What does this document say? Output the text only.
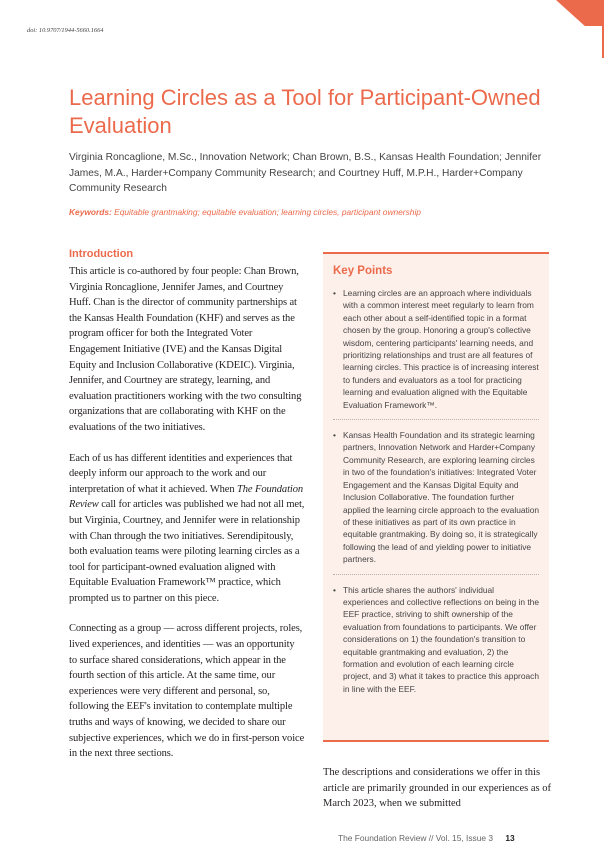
doi: 10.9707/1944-5660.1664
Learning Circles as a Tool for Participant-Owned Evaluation

Virginia Roncaglione, M.Sc., Innovation Network; Chan Brown, B.S., Kansas Health Foundation; Jennifer James, M.A., Harder+Company Community Research; and Courtney Huff, M.P.H., Harder+Company Community Research

Keywords: Equitable grantmaking; equitable evaluation; learning circles, participant ownership
Introduction

This article is co-authored by four people: Chan Brown, Virginia Roncaglione, Jennifer James, and Courtney Huff. Chan is the director of community partnerships at the Kansas Health Foundation (KHF) and serves as the program officer for both the Integrated Voter Engagement Initiative (IVE) and the Kansas Digital Equity and Inclusion Collaborative (KDEIC). Virginia, Jennifer, and Courtney are strategy, learning, and evaluation practitioners working with the two consulting organizations that are collaborating with KHF on the evaluations of the two initiatives.

Each of us has different identities and experiences that deeply inform our approach to the work and our interpretation of what it achieved. When The Foundation Review call for articles was published we had not all met, but Virginia, Courtney, and Jennifer were in relationship with Chan through the two initiatives. Serendipitously, both evaluation teams were piloting learning circles as a tool for participant-owned evaluation aligned with Equitable Evaluation Framework™ practice, which prompted us to partner on this piece.

Connecting as a group — across different projects, roles, lived experiences, and identities — was an opportunity to surface shared considerations, which appear in the fourth section of this article. At the same time, our experiences were very different and personal, so, following the EEF's invitation to contemplate multiple truths and ways of knowing, we decided to share our subjective experiences, which we do in first-person voice in the next three sections.

Key Points
• Learning circles are an approach where individuals with a common interest meet regularly to learn from each other about a self-identified topic in a format chosen by the group. Honoring a group's collective wisdom, centering participants' learning needs, and prioritizing relationships and trust are all features of learning circles. This practice is of increasing interest to funders and evaluators as a tool for practicing learning and evaluation aligned with the Equitable Evaluation Framework™.
• Kansas Health Foundation and its strategic learning partners, Innovation Network and Harder+Company Community Research, are exploring learning circles in two of the foundation's initiatives: Integrated Voter Engagement and the Kansas Digital Equity and Inclusion Collaborative. The foundation further applied the learning circle approach to the evaluation of these initiatives as part of its own practice in equitable grantmaking. By doing so, it is strategically following the lead of and yielding power to initiative partners.
• This article shares the authors' individual experiences and collective reflections on being in the EEF practice, striving to shift ownership of the evaluation from foundations to participants. We offer considerations on 1) the foundation's transition to equitable grantmaking and evaluation, 2) the formation and evolution of each learning circle project, and 3) what it takes to practice this approach in line with the EEF.

The descriptions and considerations we offer in this article are primarily grounded in our experiences as of March 2023, when we submitted

The Foundation Review // Vol. 15, Issue 3 13
